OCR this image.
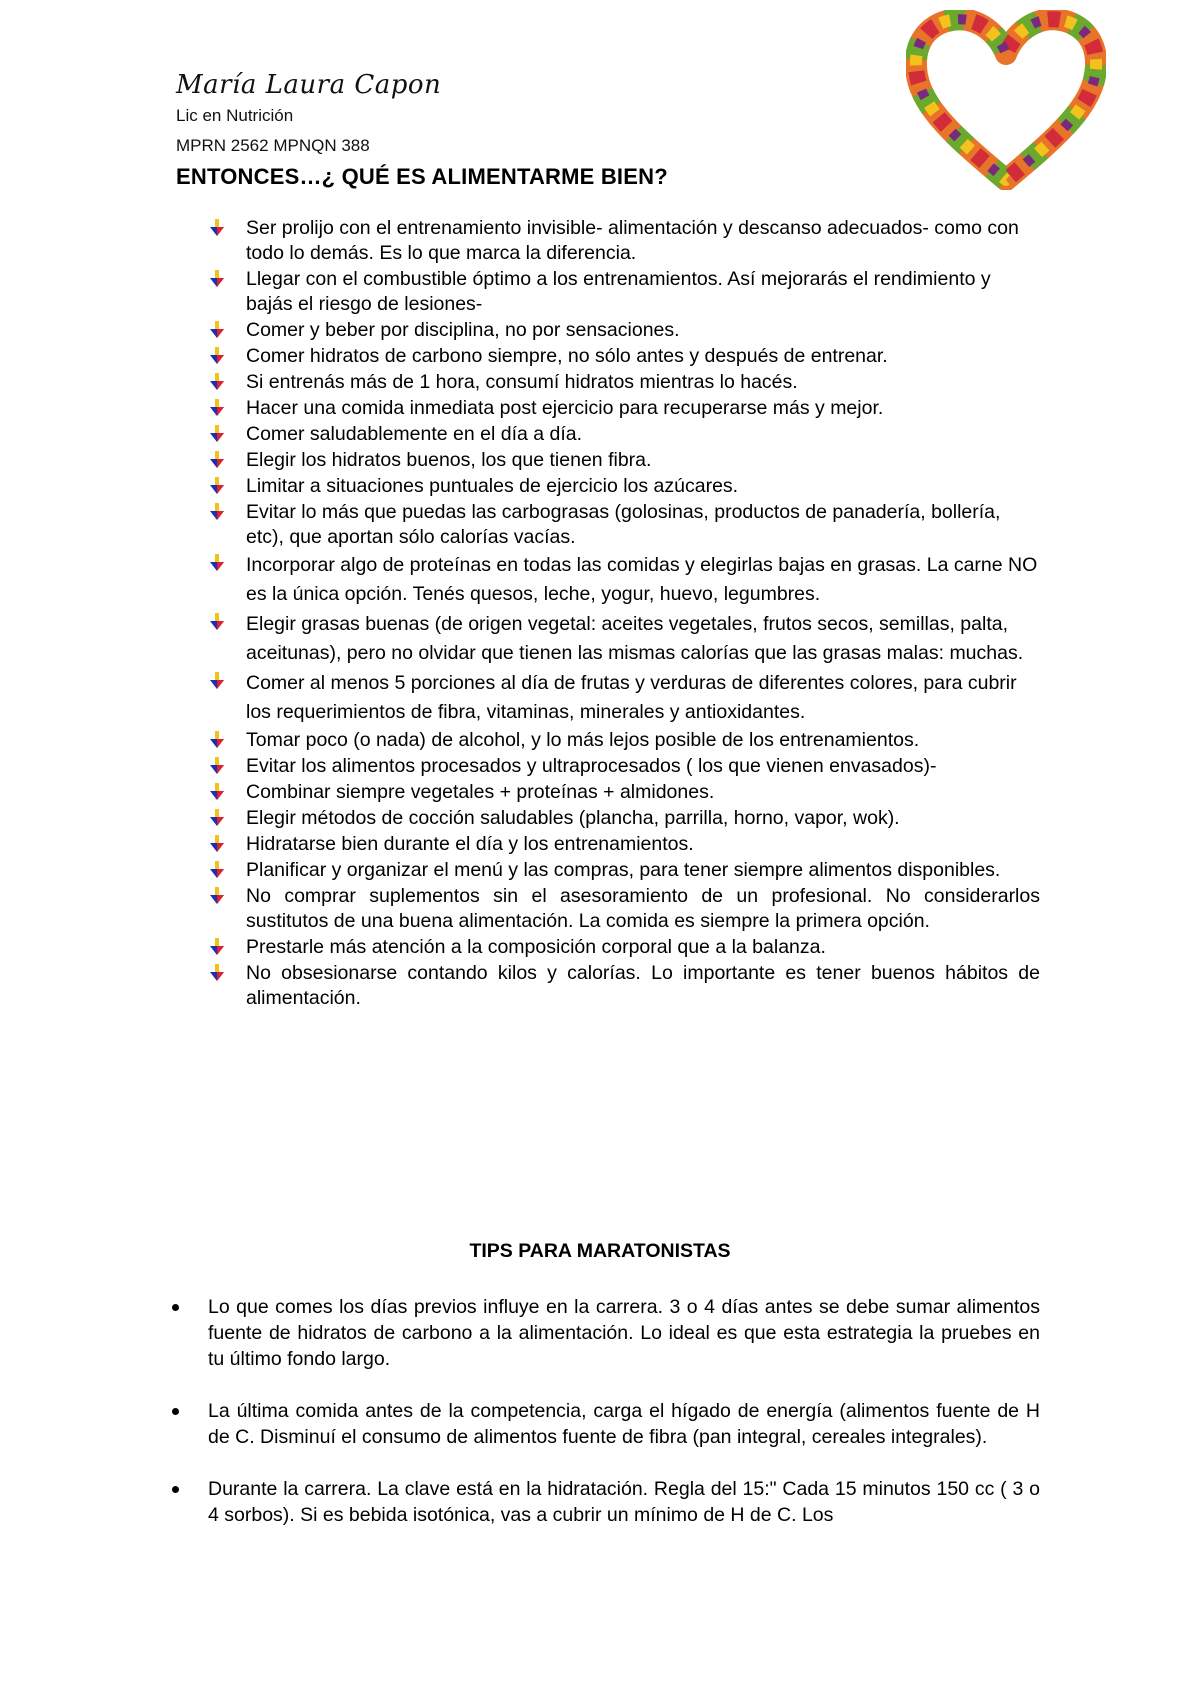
María Laura Capon
Lic en Nutrición
MPRN 2562 MPNQN 388
ENTONCES…¿ QUÉ ES ALIMENTARME BIEN?
Ser prolijo con el entrenamiento invisible- alimentación y descanso adecuados- como con todo lo demás. Es lo que marca la diferencia.
Llegar con el combustible óptimo a los entrenamientos. Así mejorarás el rendimiento y bajás el riesgo de lesiones-
Comer y beber por disciplina, no por sensaciones.
Comer hidratos de carbono siempre, no sólo antes y después de entrenar.
Si entrenás más de 1 hora, consumí hidratos mientras lo hacés.
Hacer una comida inmediata post ejercicio para recuperarse más y mejor.
Comer saludablemente en el día a día.
Elegir los hidratos buenos, los que tienen fibra.
Limitar a situaciones puntuales de ejercicio los azúcares.
Evitar lo más que puedas las carbograsas (golosinas, productos de panadería, bollería, etc), que aportan sólo calorías vacías.
Incorporar algo de proteínas en todas las comidas y elegirlas bajas en grasas. La carne NO es la única opción. Tenés quesos, leche, yogur, huevo, legumbres.
Elegir grasas buenas (de origen vegetal: aceites vegetales, frutos secos, semillas, palta, aceitunas), pero no olvidar que tienen las mismas calorías que las grasas malas: muchas.
Comer al menos 5 porciones al día de frutas y verduras de diferentes colores, para cubrir los requerimientos de fibra, vitaminas, minerales y antioxidantes.
Tomar poco (o nada) de alcohol, y lo más lejos posible de los entrenamientos.
Evitar los alimentos procesados y ultraprocesados ( los que vienen envasados)-
Combinar siempre vegetales + proteínas + almidones.
Elegir métodos de cocción saludables (plancha, parrilla, horno, vapor, wok).
Hidratarse bien durante el día y los entrenamientos.
Planificar y organizar el menú y las compras, para tener siempre alimentos disponibles.
No comprar suplementos sin el asesoramiento de un profesional. No considerarlos sustitutos de una buena alimentación. La comida es siempre la primera opción.
Prestarle más atención a la composición corporal que a la balanza.
No obsesionarse contando kilos y calorías. Lo importante es tener buenos hábitos de alimentación.
TIPS PARA MARATONISTAS
Lo que comes los días previos influye en la carrera. 3 o 4 días antes se debe sumar alimentos fuente de hidratos de carbono a la alimentación. Lo ideal es que esta estrategia la pruebes en tu último fondo largo.
La última comida antes de la competencia, carga el hígado de energía (alimentos fuente de H de C. Disminuí el consumo de alimentos fuente de fibra (pan integral, cereales integrales).
Durante la carrera. La clave está en la hidratación. Regla del 15:" Cada 15 minutos 150 cc ( 3 o 4 sorbos). Si es bebida isotónica, vas a cubrir un mínimo de H de C. Los
